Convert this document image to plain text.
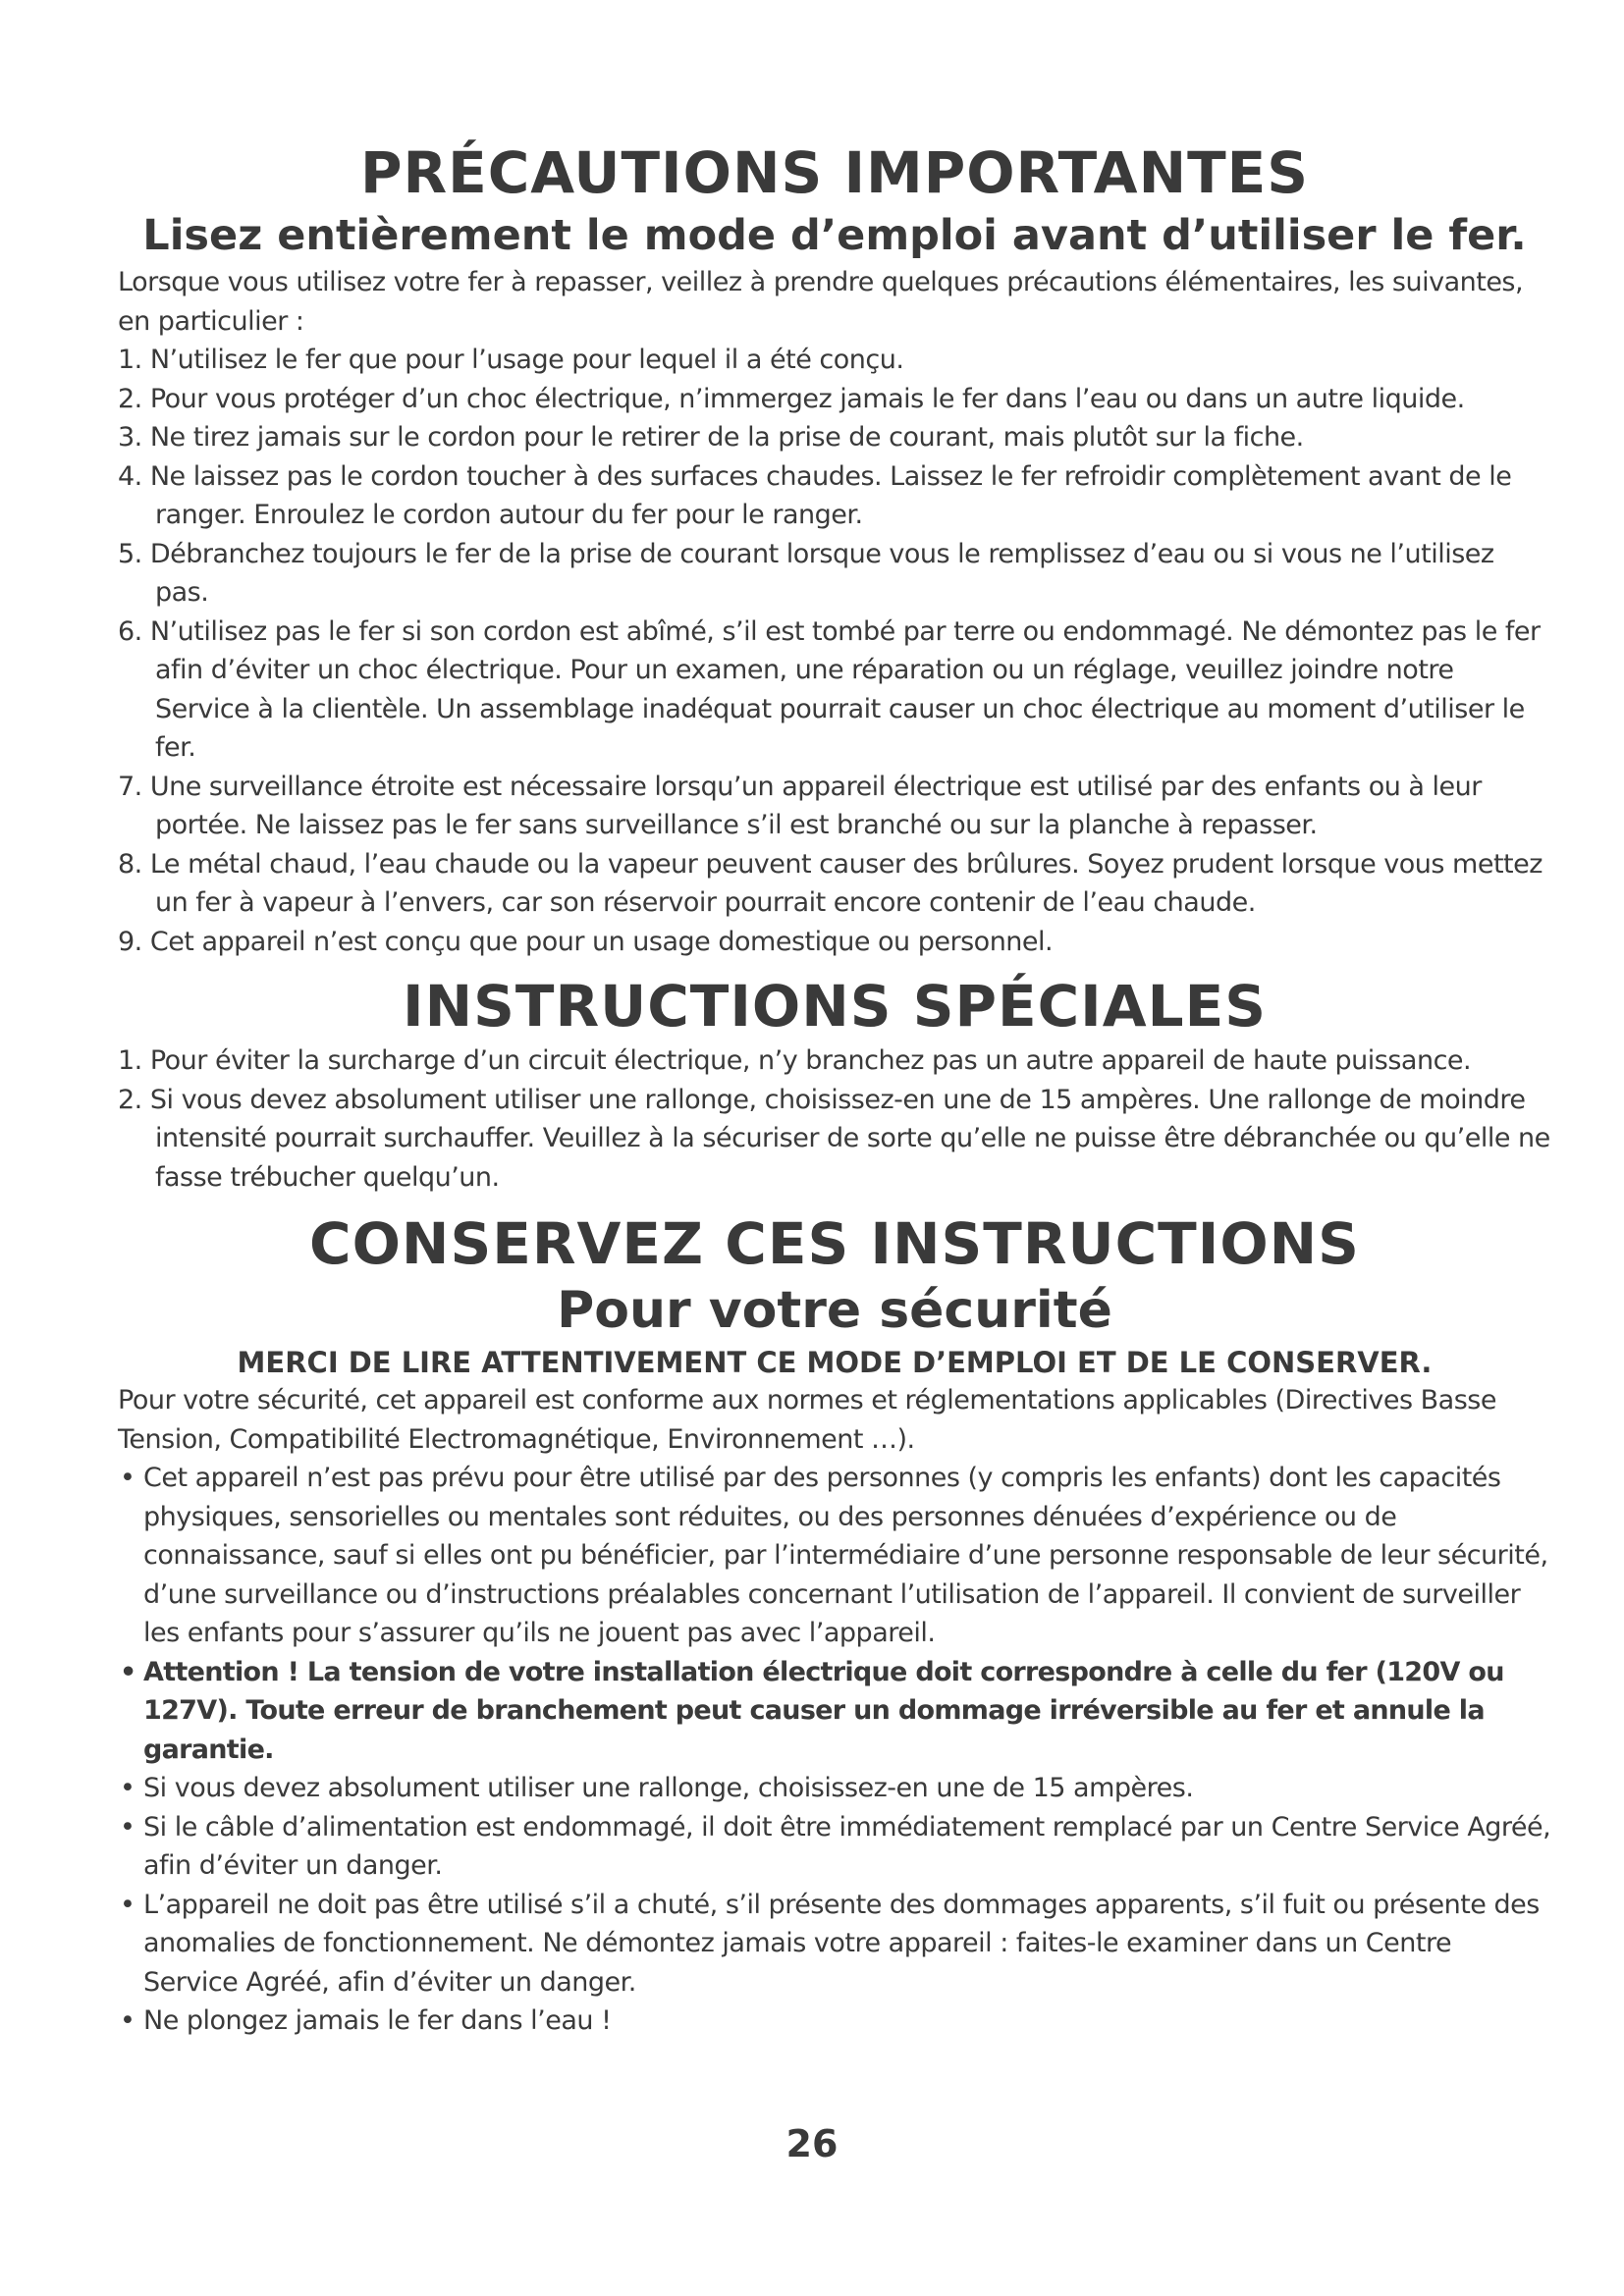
PRÉCAUTIONS IMPORTANTES
Lisez entièrement le mode d’emploi avant d’utiliser le fer.

Lorsque vous utilisez votre fer à repasser, veillez à prendre quelques précautions élémentaires, les suivantes, en particulier :

1. N’utilisez le fer que pour l’usage pour lequel il a été conçu.
2. Pour vous protéger d’un choc électrique, n’immergez jamais le fer dans l’eau ou dans un autre liquide.
3. Ne tirez jamais sur le cordon pour le retirer de la prise de courant, mais plutôt sur la fiche.
4. Ne laissez pas le cordon toucher à des surfaces chaudes. Laissez le fer refroidir complètement avant de le ranger. Enroulez le cordon autour du fer pour le ranger.
5. Débranchez toujours le fer de la prise de courant lorsque vous le remplissez d’eau ou si vous ne l’utilisez pas.
6. N’utilisez pas le fer si son cordon est abîmé, s’il est tombé par terre ou endommagé. Ne démontez pas le fer afin d’éviter un choc électrique. Pour un examen, une réparation ou un réglage, veuillez joindre notre Service à la clientèle. Un assemblage inadéquat pourrait causer un choc électrique au moment d’utiliser le fer.
7. Une surveillance étroite est nécessaire lorsqu’un appareil électrique est utilisé par des enfants ou à leur portée. Ne laissez pas le fer sans surveillance s’il est branché ou sur la planche à repasser.
8. Le métal chaud, l’eau chaude ou la vapeur peuvent causer des brûlures. Soyez prudent lorsque vous mettez un fer à vapeur à l’envers, car son réservoir pourrait encore contenir de l’eau chaude.
9. Cet appareil n’est conçu que pour un usage domestique ou personnel.
INSTRUCTIONS SPÉCIALES
1. Pour éviter la surcharge d’un circuit électrique, n’y branchez pas un autre appareil de haute puissance.
2. Si vous devez absolument utiliser une rallonge, choisissez-en une de 15 ampères. Une rallonge de moindre intensité pourrait surchauffer. Veuillez à la sécuriser de sorte qu’elle ne puisse être débranchée ou qu’elle ne fasse trébucher quelqu’un.
CONSERVEZ CES INSTRUCTIONS
Pour votre sécurité
MERCI DE LIRE ATTENTIVEMENT CE MODE D’EMPLOI ET DE LE CONSERVER.

Pour votre sécurité, cet appareil est conforme aux normes et réglementations applicables (Directives Basse Tension, Compatibilité Electromagnétique, Environnement …).

• Cet appareil n’est pas prévu pour être utilisé par des personnes (y compris les enfants) dont les capacités physiques, sensorielles ou mentales sont réduites, ou des personnes dénuées d’expérience ou de connaissance, sauf si elles ont pu bénéficier, par l’intermédiaire d’une personne responsable de leur sécurité, d’une surveillance ou d’instructions préalables concernant l’utilisation de l’appareil. Il convient de surveiller les enfants pour s’assurer qu’ils ne jouent pas avec l’appareil.
• Attention ! La tension de votre installation électrique doit correspondre à celle du fer (120V ou 127V). Toute erreur de branchement peut causer un dommage irréversible au fer et annule la garantie.
• Si vous devez absolument utiliser une rallonge, choisissez-en une de 15 ampères.
• Si le câble d’alimentation est endommagé, il doit être immédiatement remplacé par un Centre Service Agréé, afin d’éviter un danger.
• L’appareil ne doit pas être utilisé s’il a chuté, s’il présente des dommages apparents, s’il fuit ou présente des anomalies de fonctionnement. Ne démontez jamais votre appareil : faites-le examiner dans un Centre Service Agréé, afin d’éviter un danger.
• Ne plongez jamais le fer dans l’eau !
26
